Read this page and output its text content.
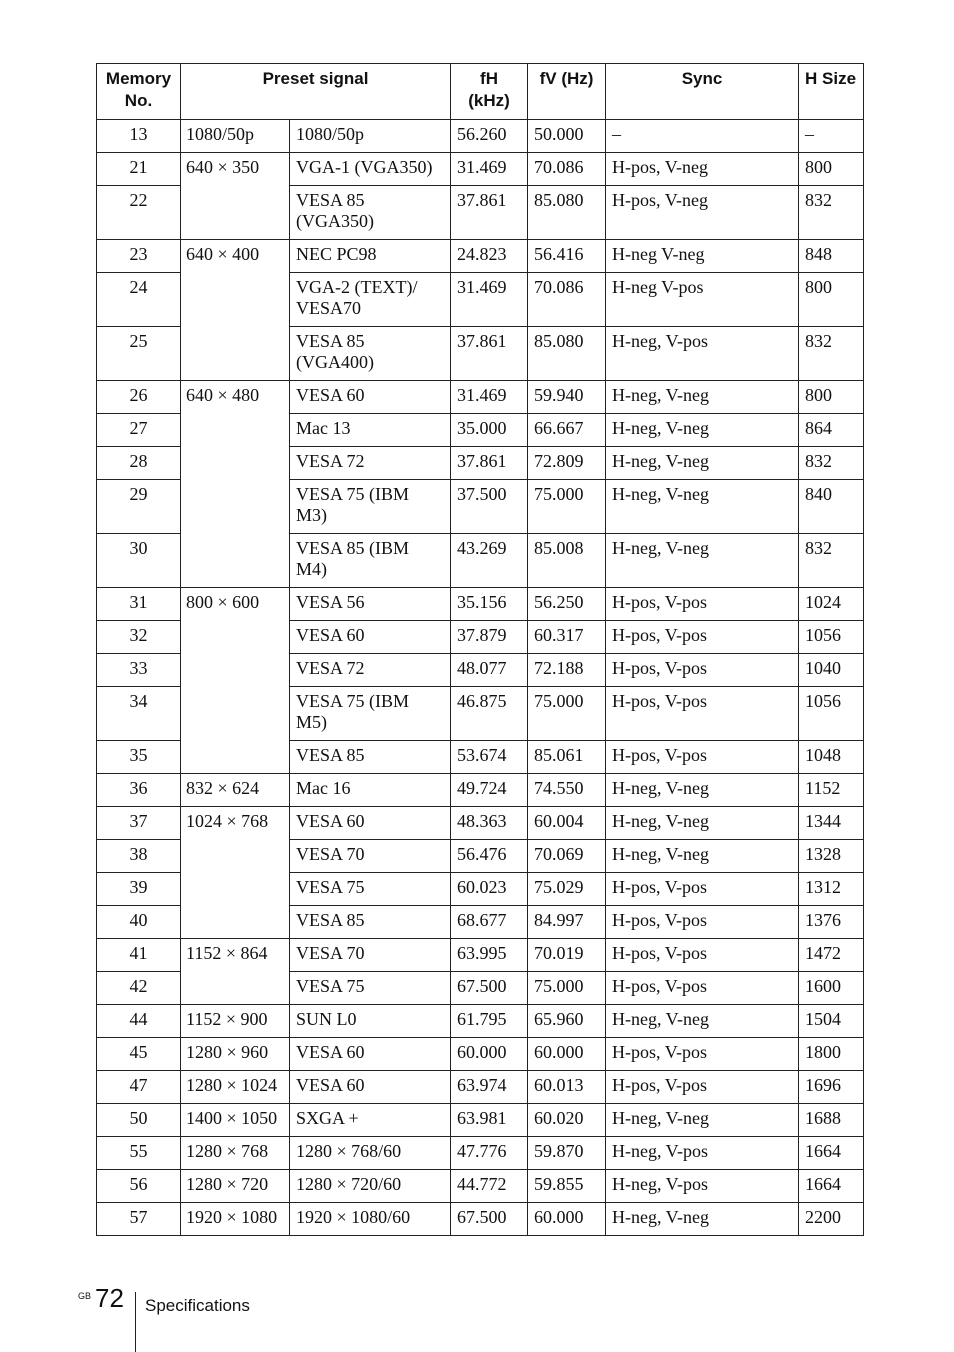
Memory No.	Preset signal		fH (kHz)	fV (Hz)	Sync	H Size
13	1080/50p	1080/50p	56.260	50.000	–	–
21	640 × 350	VGA-1 (VGA350)	31.469	70.086	H-pos, V-neg	800
22		VESA 85 (VGA350)	37.861	85.080	H-pos, V-neg	832
23	640 × 400	NEC PC98	24.823	56.416	H-neg V-neg	848
24		VGA-2 (TEXT)/ VESA70	31.469	70.086	H-neg V-pos	800
25		VESA 85 (VGA400)	37.861	85.080	H-neg, V-pos	832
26	640 × 480	VESA 60	31.469	59.940	H-neg, V-neg	800
27		Mac 13	35.000	66.667	H-neg, V-neg	864
28		VESA 72	37.861	72.809	H-neg, V-neg	832
29		VESA 75 (IBM M3)	37.500	75.000	H-neg, V-neg	840
30		VESA 85 (IBM M4)	43.269	85.008	H-neg, V-neg	832
31	800 × 600	VESA 56	35.156	56.250	H-pos, V-pos	1024
32		VESA 60	37.879	60.317	H-pos, V-pos	1056
33		VESA 72	48.077	72.188	H-pos, V-pos	1040
34		VESA 75 (IBM M5)	46.875	75.000	H-pos, V-pos	1056
35		VESA 85	53.674	85.061	H-pos, V-pos	1048
36	832 × 624	Mac 16	49.724	74.550	H-neg, V-neg	1152
37	1024 × 768	VESA 60	48.363	60.004	H-neg, V-neg	1344
38		VESA 70	56.476	70.069	H-neg, V-neg	1328
39		VESA 75	60.023	75.029	H-pos, V-pos	1312
40		VESA 85	68.677	84.997	H-pos, V-pos	1376
41	1152 × 864	VESA 70	63.995	70.019	H-pos, V-pos	1472
42		VESA 75	67.500	75.000	H-pos, V-pos	1600
44	1152 × 900	SUN L0	61.795	65.960	H-neg, V-neg	1504
45	1280 × 960	VESA 60	60.000	60.000	H-pos, V-pos	1800
47	1280 × 1024	VESA 60	63.974	60.013	H-pos, V-pos	1696
50	1400 × 1050	SXGA +	63.981	60.020	H-neg, V-neg	1688
55	1280 × 768	1280 × 768/60	47.776	59.870	H-neg, V-pos	1664
56	1280 × 720	1280 × 720/60	44.772	59.855	H-neg, V-pos	1664
57	1920 × 1080	1920 × 1080/60	67.500	60.000	H-neg, V-neg	2200
GB 72 Specifications
